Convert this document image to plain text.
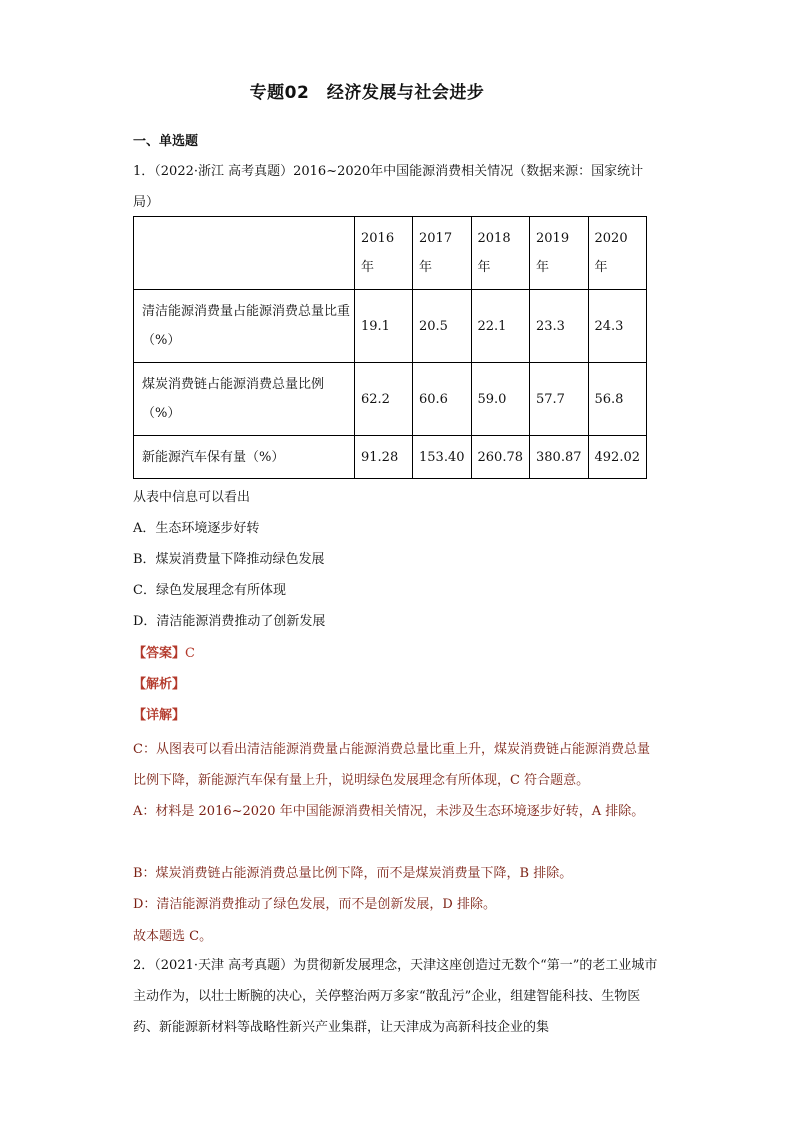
专题02　经济发展与社会进步
一、单选题
1．（2022·浙江 高考真题）2016~2020年中国能源消费相关情况（数据来源：国家统计局）
	2016年	2017年	2018年	2019年	2020年
清洁能源消费量占能源消费总量比重（%）	19.1	20.5	22.1	23.3	24.3
煤炭消费链占能源消费总量比例（%）	62.2	60.6	59.0	57.7	56.8
新能源汽车保有量（%）	91.28	153.40	260.78	380.87	492.02
从表中信息可以看出
A．生态环境逐步好转
B．煤炭消费量下降推动绿色发展
C．绿色发展理念有所体现
D．清洁能源消费推动了创新发展
【答案】C
【解析】
【详解】
C：从图表可以看出清洁能源消费量占能源消费总量比重上升，煤炭消费链占能源消费总量比例下降，新能源汽车保有量上升，说明绿色发展理念有所体现，C 符合题意。
A：材料是 2016~2020 年中国能源消费相关情况，未涉及生态环境逐步好转，A 排除。
B：煤炭消费链占能源消费总量比例下降，而不是煤炭消费量下降，B 排除。
D：清洁能源消费推动了绿色发展，而不是创新发展，D 排除。
故本题选 C。
2．（2021·天津 高考真题）为贯彻新发展理念，天津这座创造过无数个“第一”的老工业城市主动作为，以壮士断腕的决心，关停整治两万多家“散乱污”企业，组建智能科技、生物医药、新能源新材料等战略性新兴产业集群，让天津成为高新科技企业的集
